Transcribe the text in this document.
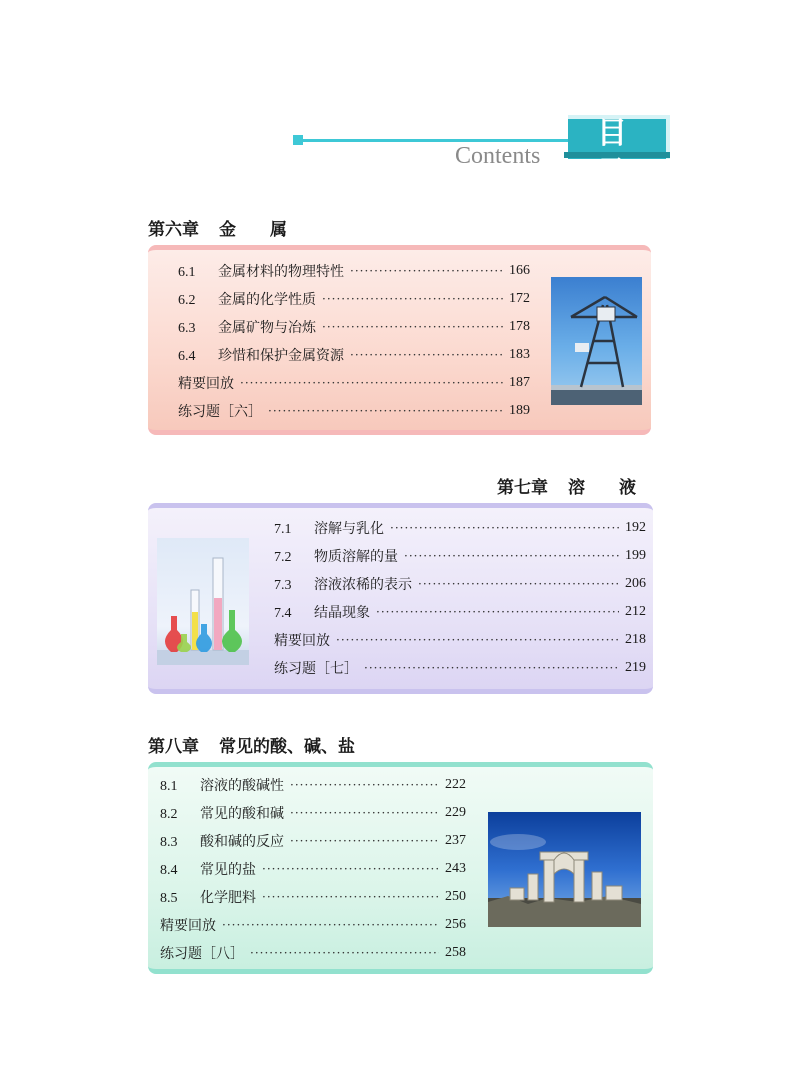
目 录
Contents
第六章 金　　属
6.1 金属材料的物理特性 ·····	166
6.2 金属的化学性质 ·····	172
6.3 金属矿物与冶炼 ·····	178
6.4 珍惜和保护金属资源 ·····	183
精要回放 ·····	187
练习题［六］ ·····	189
第七章 溶　　液
7.1 溶解与乳化 ·····	192
7.2 物质溶解的量 ·····	199
7.3 溶液浓稀的表示 ·····	206
7.4 结晶现象 ·····	212
精要回放 ·····	218
练习题［七］ ·····	219
第八章 常见的酸、碱、盐
8.1 溶液的酸碱性 ·····	222
8.2 常见的酸和碱 ·····	229
8.3 酸和碱的反应 ·····	237
8.4 常见的盐 ·····	243
8.5 化学肥料 ·····	250
精要回放 ·····	256
练习题［八］ ·····	258
